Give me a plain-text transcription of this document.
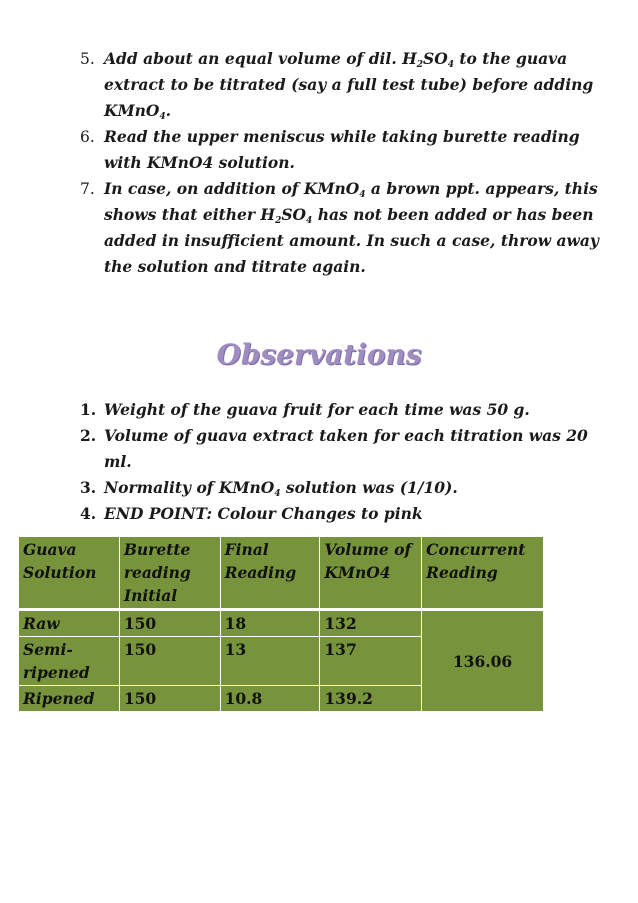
5. Add about an equal volume of dil. $H_2SO_4$ to the guava extract to be titrated (say a full test tube) before adding KMnO$_4$.
6. Read the upper meniscus while taking burette reading with KMnO4 solution.
7. In case, on addition of KMnO$_4$ a brown ppt. appears, this shows that either $H_2SO_4$ has not been added or has been added in insufficient amount. In such a case, throw away the solution and titrate again.
Observations
1. Weight of the guava fruit for each time was 50 g.
2. Volume of guava extract taken for each titration was 20 ml.
3. Normality of KMnO$_4$ solution was (1/10).
4. END POINT: Colour Changes to pink
Guava Solution	Burette reading Initial	Final Reading	Volume of KMnO4	Concurrent Reading
Raw	150	18	132	136.06
Semi-ripened	150	13	137	
Ripened	150	10.8	139.2	
